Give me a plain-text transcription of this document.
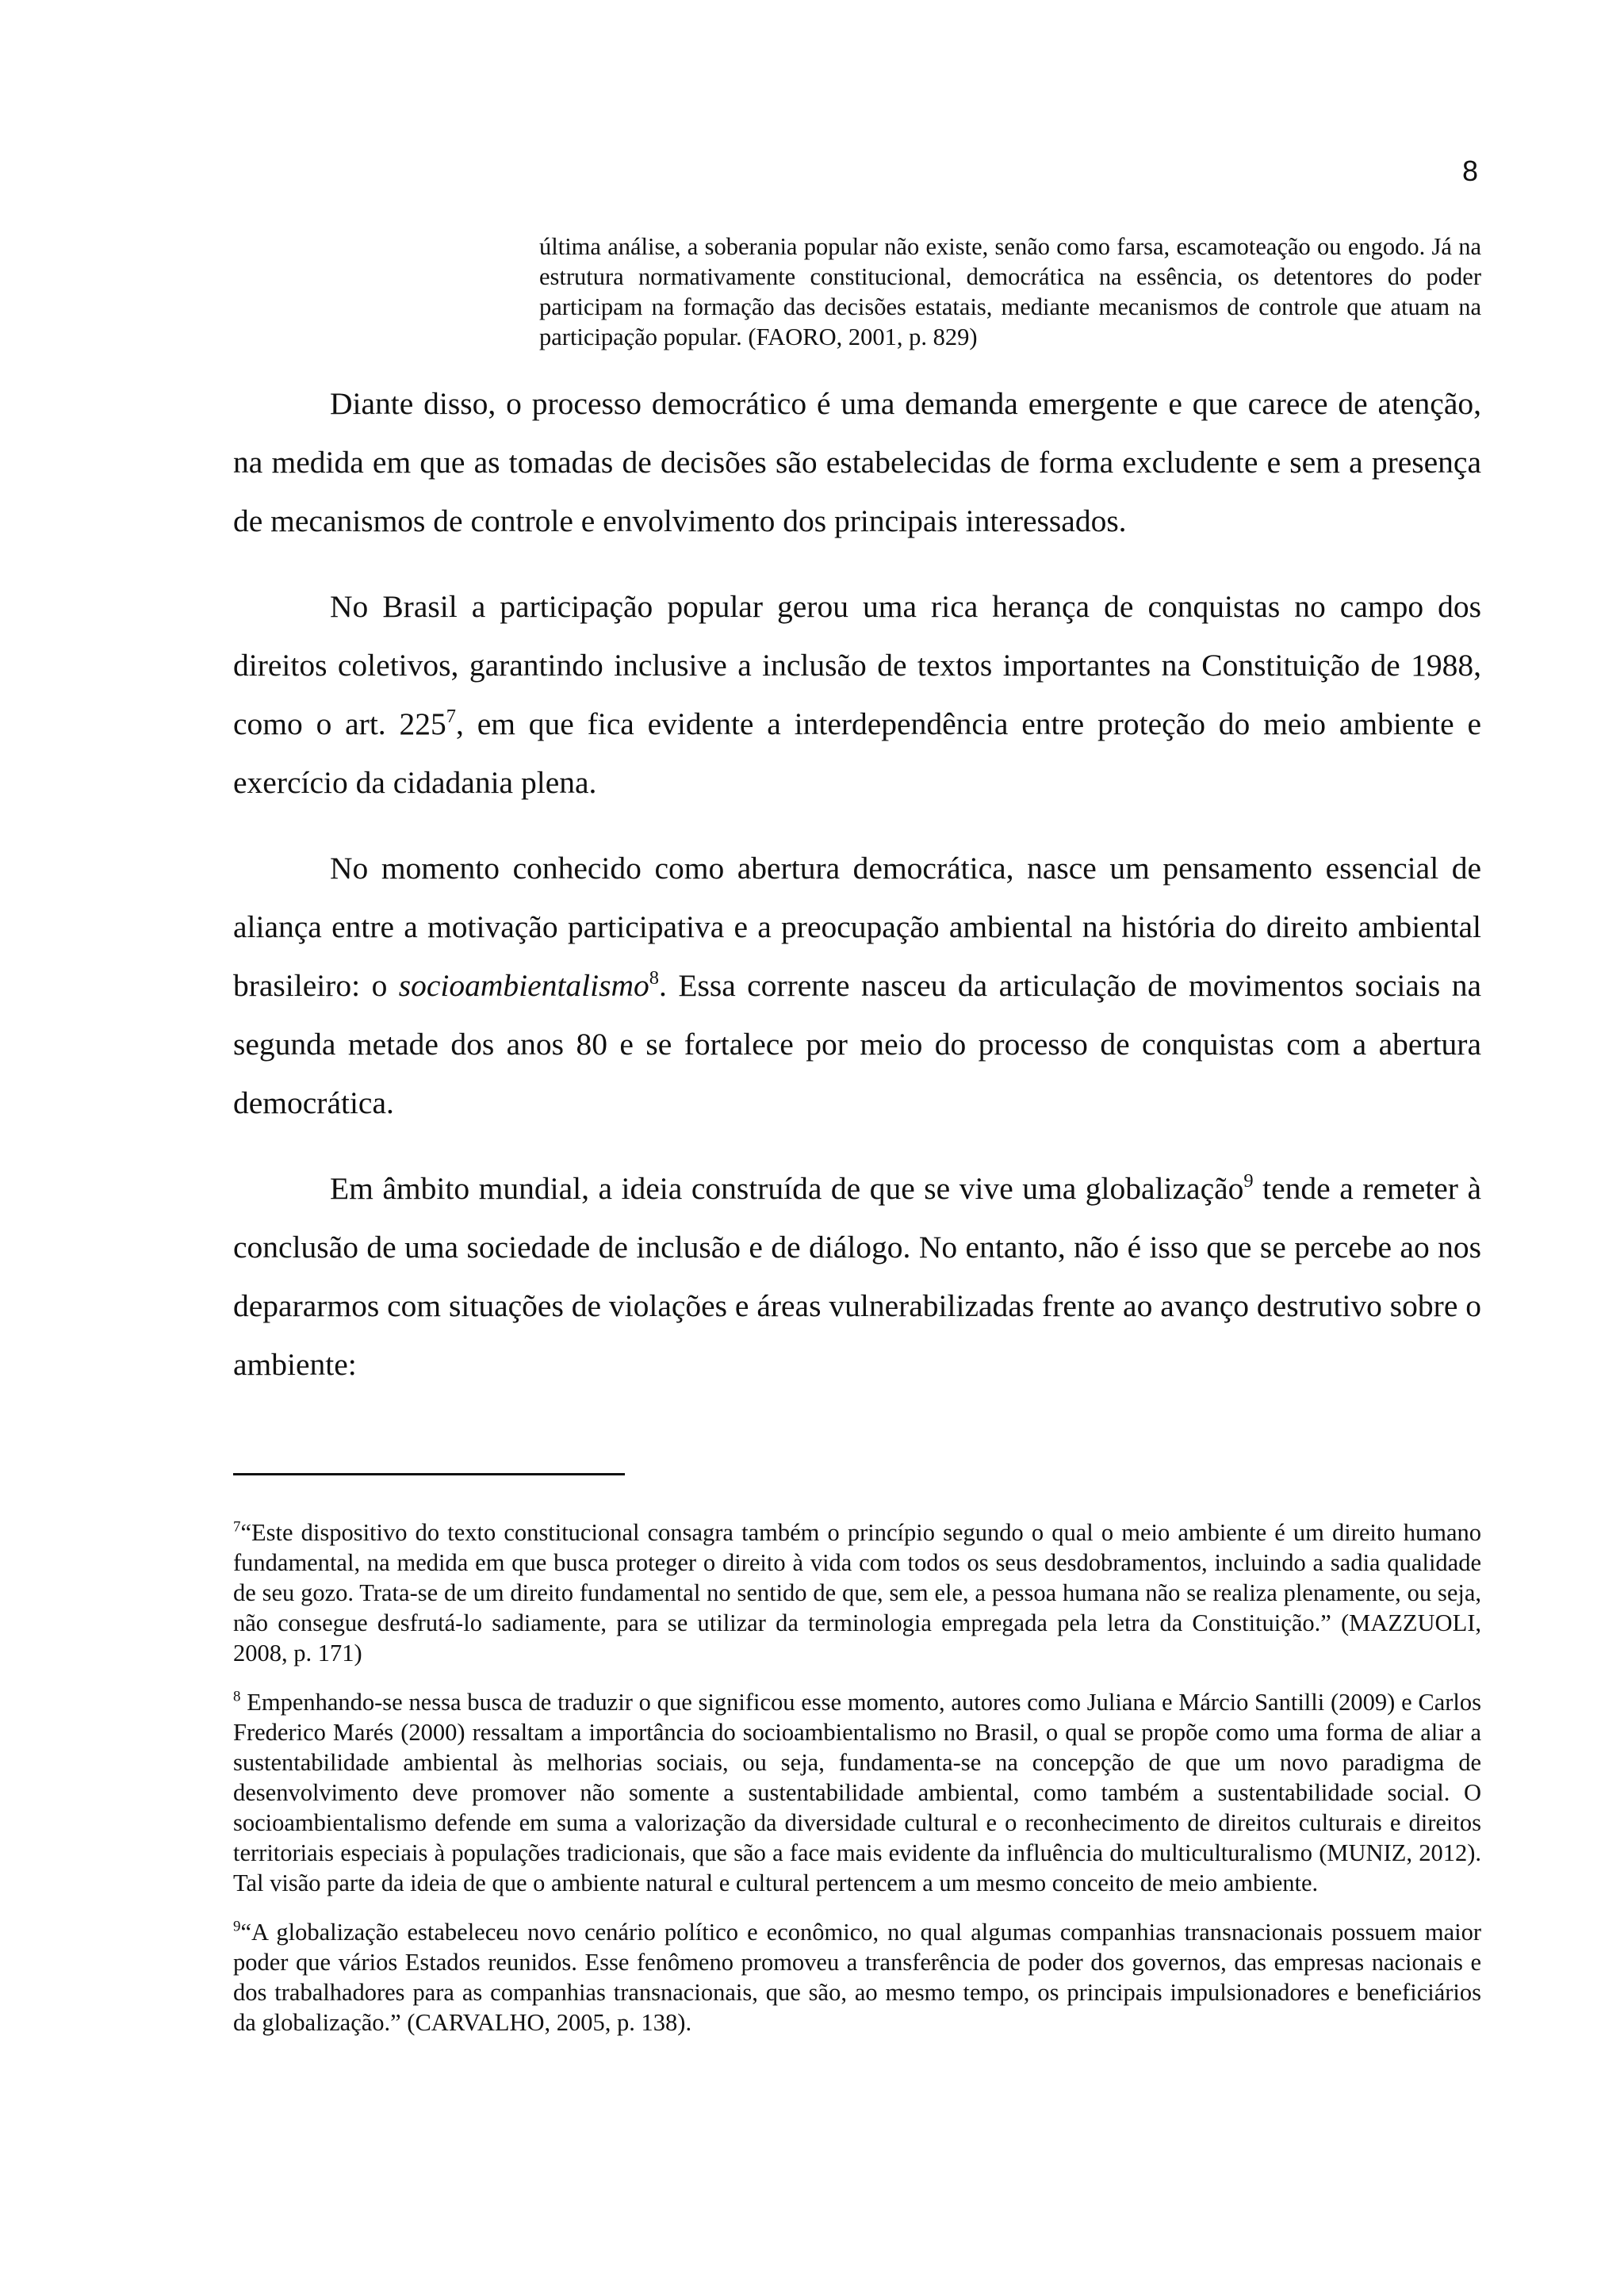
8
última análise, a soberania popular não existe, senão como farsa, escamoteação ou engodo. Já na estrutura normativamente constitucional, democrática na essência, os detentores do poder participam na formação das decisões estatais, mediante mecanismos de controle que atuam na participação popular. (FAORO, 2001, p. 829)

Diante disso, o processo democrático é uma demanda emergente e que carece de atenção, na medida em que as tomadas de decisões são estabelecidas de forma excludente e sem a presença de mecanismos de controle e envolvimento dos principais interessados.

No Brasil a participação popular gerou uma rica herança de conquistas no campo dos direitos coletivos, garantindo inclusive a inclusão de textos importantes na Constituição de 1988, como o art. $225^7$, em que fica evidente a interdependência entre proteção do meio ambiente e exercício da cidadania plena.

No momento conhecido como abertura democrática, nasce um pensamento essencial de aliança entre a motivação participativa e a preocupação ambiental na história do direito ambiental brasileiro: o socioambientalismo$^8$. Essa corrente nasceu da articulação de movimentos sociais na segunda metade dos anos 80 e se fortalece por meio do processo de conquistas com a abertura democrática.

Em âmbito mundial, a ideia construída de que se vive uma globalização$^9$ tende a remeter à conclusão de uma sociedade de inclusão e de diálogo. No entanto, não é isso que se percebe ao nos depararmos com situações de violações e áreas vulnerabilizadas frente ao avanço destrutivo sobre o ambiente:

$^7$“Este dispositivo do texto constitucional consagra também o princípio segundo o qual o meio ambiente é um direito humano fundamental, na medida em que busca proteger o direito à vida com todos os seus desdobramentos, incluindo a sadia qualidade de seu gozo. Trata-se de um direito fundamental no sentido de que, sem ele, a pessoa humana não se realiza plenamente, ou seja, não consegue desfrutá-lo sadiamente, para se utilizar da terminologia empregada pela letra da Constituição.” (MAZZUOLI, 2008, p. 171)

$^8$ Empenhando-se nessa busca de traduzir o que significou esse momento, autores como Juliana e Márcio Santilli (2009) e Carlos Frederico Marés (2000) ressaltam a importância do socioambientalismo no Brasil, o qual se propõe como uma forma de aliar a sustentabilidade ambiental às melhorias sociais, ou seja, fundamenta-se na concepção de que um novo paradigma de desenvolvimento deve promover não somente a sustentabilidade ambiental, como também a sustentabilidade social. O socioambientalismo defende em suma a valorização da diversidade cultural e o reconhecimento de direitos culturais e direitos territoriais especiais à populações tradicionais, que são a face mais evidente da influência do multiculturalismo (MUNIZ, 2012). Tal visão parte da ideia de que o ambiente natural e cultural pertencem a um mesmo conceito de meio ambiente.

$^9$“A globalização estabeleceu novo cenário político e econômico, no qual algumas companhias transnacionais possuem maior poder que vários Estados reunidos. Esse fenômeno promoveu a transferência de poder dos governos, das empresas nacionais e dos trabalhadores para as companhias transnacionais, que são, ao mesmo tempo, os principais impulsionadores e beneficiários da globalização.” (CARVALHO, 2005, p. 138).
